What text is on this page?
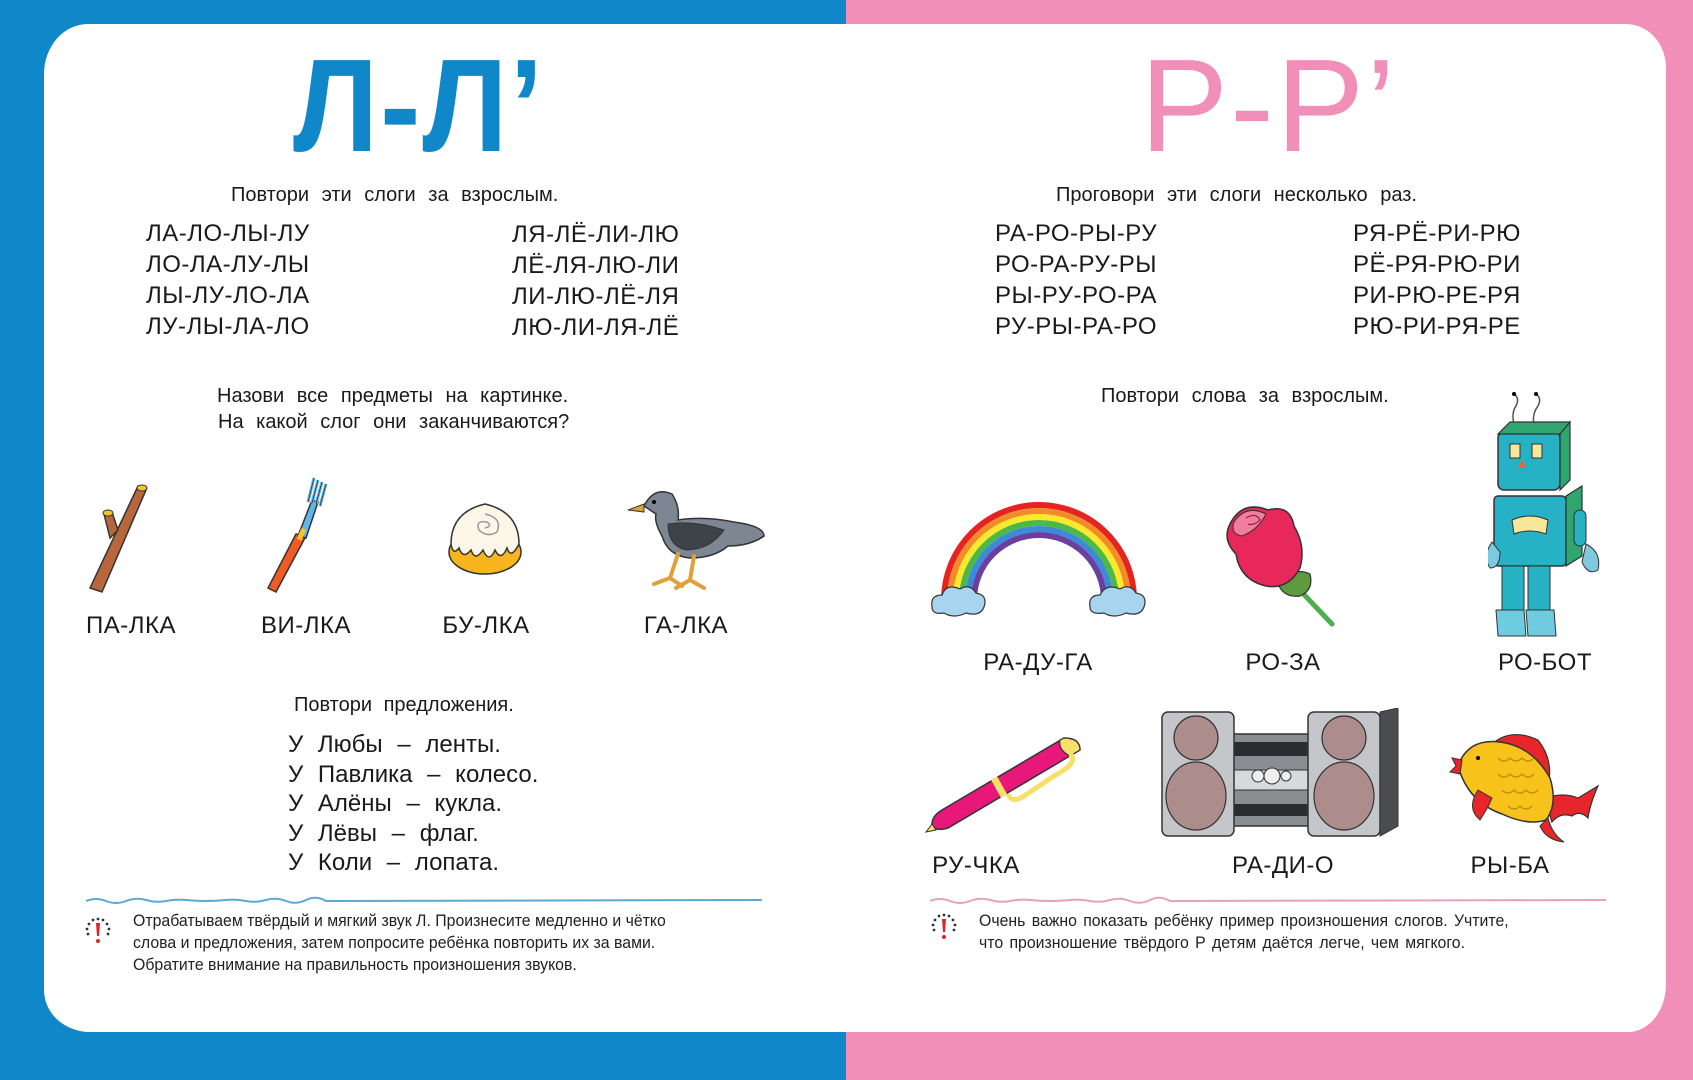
Л-Л’
Повтори эти слоги за взрослым.
ЛА-ЛО-ЛЫ-ЛУ
ЛО-ЛА-ЛУ-ЛЫ
ЛЫ-ЛУ-ЛО-ЛА
ЛУ-ЛЫ-ЛА-ЛО
ЛЯ-ЛЁ-ЛИ-ЛЮ
ЛЁ-ЛЯ-ЛЮ-ЛИ
ЛИ-ЛЮ-ЛЁ-ЛЯ
ЛЮ-ЛИ-ЛЯ-ЛЁ
Назови все предметы на картинке.
На какой слог они заканчиваются?
ПА-ЛКА	ВИ-ЛКА	БУ-ЛКА	ГА-ЛКА
Повтори предложения.
У Любы – ленты.
У Павлика – колесо.
У Алёны – кукла.
У Лёвы – флаг.
У Коли – лопата.
Отрабатываем твёрдый и мягкий звук Л. Произнесите медленно и чётко
слова и предложения, затем попросите ребёнка повторить их за вами.
Обратите внимание на правильность произношения звуков.
Р-Р’
Проговори эти слоги несколько раз.
РА-РО-РЫ-РУ
РО-РА-РУ-РЫ
РЫ-РУ-РО-РА
РУ-РЫ-РА-РО
РЯ-РЁ-РИ-РЮ
РЁ-РЯ-РЮ-РИ
РИ-РЮ-РЕ-РЯ
РЮ-РИ-РЯ-РЕ
Повтори слова за взрослым.
РА-ДУ-ГА	РО-ЗА	РО-БОТ
РУ-ЧКА	РА-ДИ-О	РЫ-БА
Очень важно показать ребёнку пример произношения слогов. Учтите,
что произношение твёрдого Р детям даётся легче, чем мягкого.
